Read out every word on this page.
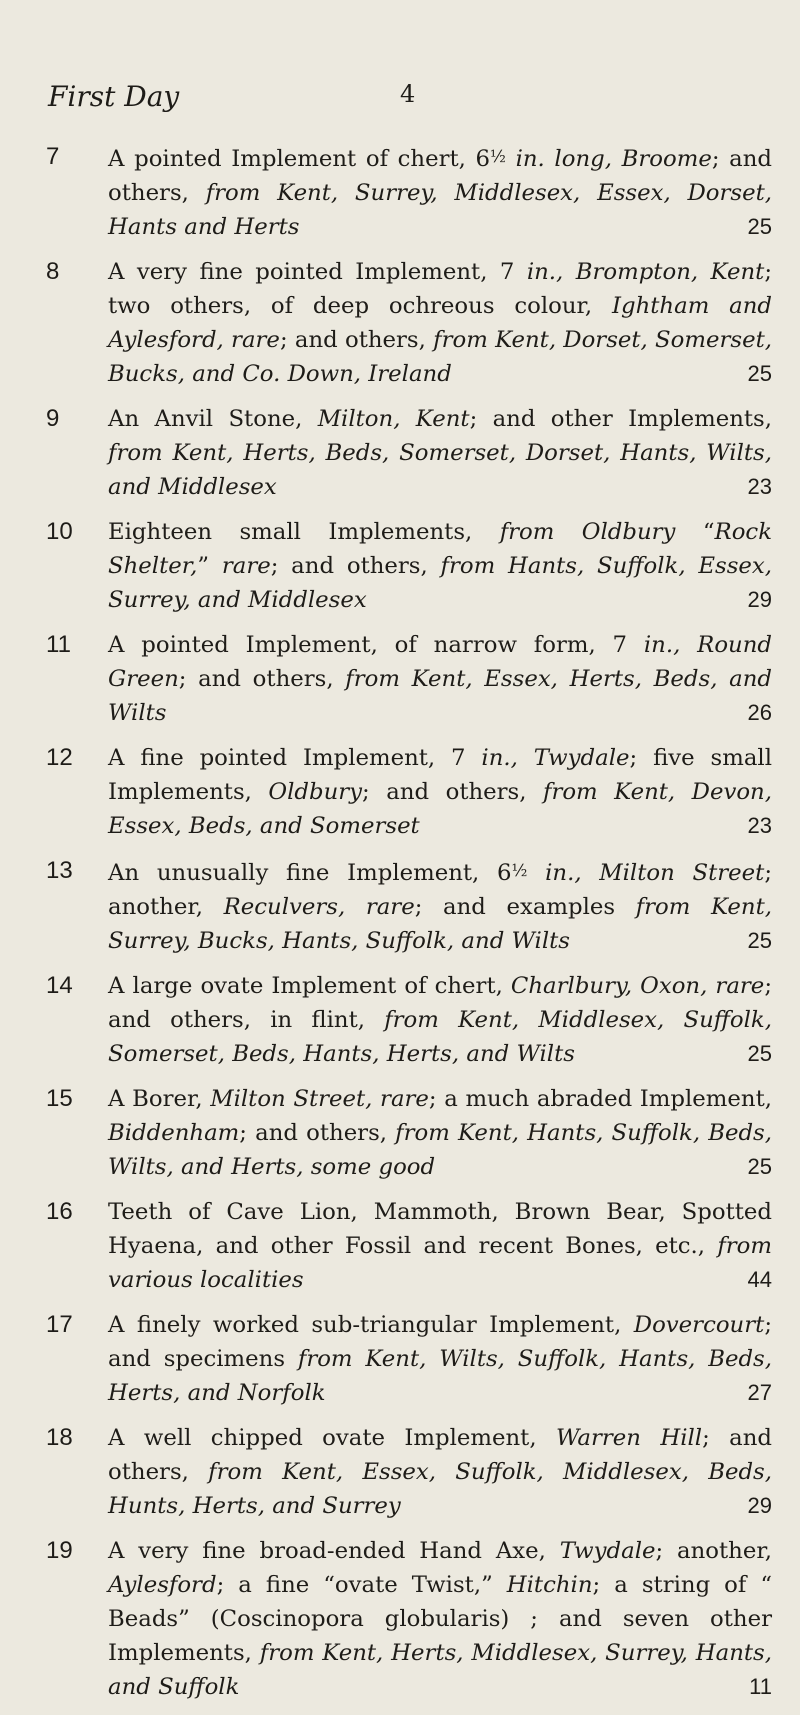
First Day	4
7	A pointed Implement of chert, 6½ in. long, Broome; and others, from Kent, Surrey, Middlesex, Essex, Dorset, Hants and Herts	25
8	A very fine pointed Implement, 7 in., Brompton, Kent; two others, of deep ochreous colour, Ightham and Aylesford, rare; and others, from Kent, Dorset, Somerset, Bucks, and Co. Down, Ireland	25
9	An Anvil Stone, Milton, Kent; and other Implements, from Kent, Herts, Beds, Somerset, Dorset, Hants, Wilts, and Middlesex	23
10	Eighteen small Implements, from Oldbury “Rock Shelter,” rare; and others, from Hants, Suffolk, Essex, Surrey, and Middlesex	29
11	A pointed Implement, of narrow form, 7 in., Round Green; and others, from Kent, Essex, Herts, Beds, and Wilts	26
12	A fine pointed Implement, 7 in., Twydale; five small Implements, Oldbury; and others, from Kent, Devon, Essex, Beds, and Somerset	23
13	An unusually fine Implement, 6½ in., Milton Street; another, Reculvers, rare; and examples from Kent, Surrey, Bucks, Hants, Suffolk, and Wilts	25
14	A large ovate Implement of chert, Charlbury, Oxon, rare; and others, in flint, from Kent, Middlesex, Suffolk, Somerset, Beds, Hants, Herts, and Wilts	25
15	A Borer, Milton Street, rare; a much abraded Implement, Biddenham; and others, from Kent, Hants, Suffolk, Beds, Wilts, and Herts, some good	25
16	Teeth of Cave Lion, Mammoth, Brown Bear, Spotted Hyaena, and other Fossil and recent Bones, etc., from various localities	44
17	A finely worked sub-triangular Implement, Dovercourt; and specimens from Kent, Wilts, Suffolk, Hants, Beds, Herts, and Norfolk	27
18	A well chipped ovate Implement, Warren Hill; and others, from Kent, Essex, Suffolk, Middlesex, Beds, Hunts, Herts, and Surrey	29
19	A very fine broad-ended Hand Axe, Twydale; another, Aylesford; a fine “ovate Twist,” Hitchin; a string of “ Beads” (Coscinopora globularis) ; and seven other Implements, from Kent, Herts, Middlesex, Surrey, Hants, and Suffolk	11
